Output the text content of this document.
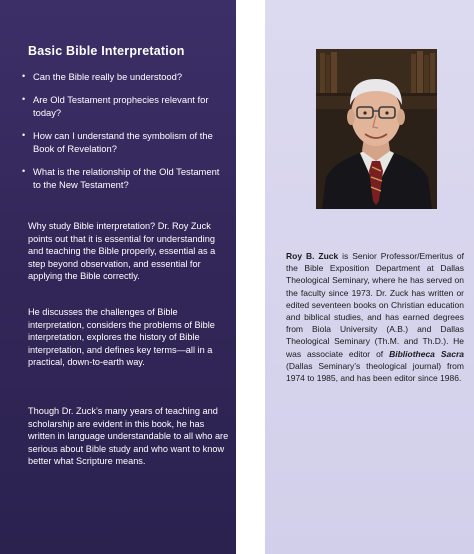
Basic Bible Interpretation
• Can the Bible really be understood?
• Are Old Testament prophecies relevant for today?
• How can I understand the symbolism of the Book of Revelation?
• What is the relationship of the Old Testament to the New Testament?

Why study Bible interpretation? Dr. Roy Zuck points out that it is essential for understanding and teaching the Bible properly, essential as a step beyond observation, and essential for applying the Bible correctly.

He discusses the challenges of Bible interpretation, considers the problems of Bible interpretation, explores the history of Bible interpretation, and defines key terms—all in a practical, down-to-earth way.

Though Dr. Zuck’s many years of teaching and scholarship are evident in this book, he has written in language understandable to all who are serious about Bible study and who want to know better what Scripture means.

Roy B. Zuck is Senior Professor/Emeritus of the Bible Exposition Department at Dallas Theological Seminary, where he has served on the faculty since 1973. Dr. Zuck has written or edited seventeen books on Christian education and biblical studies, and has earned degrees from Biola University (A.B.) and Dallas Theological Seminary (Th.M. and Th.D.). He was associate editor of Bibliotheca Sacra (Dallas Seminary’s theological journal) from 1974 to 1985, and has been editor since 1986.
